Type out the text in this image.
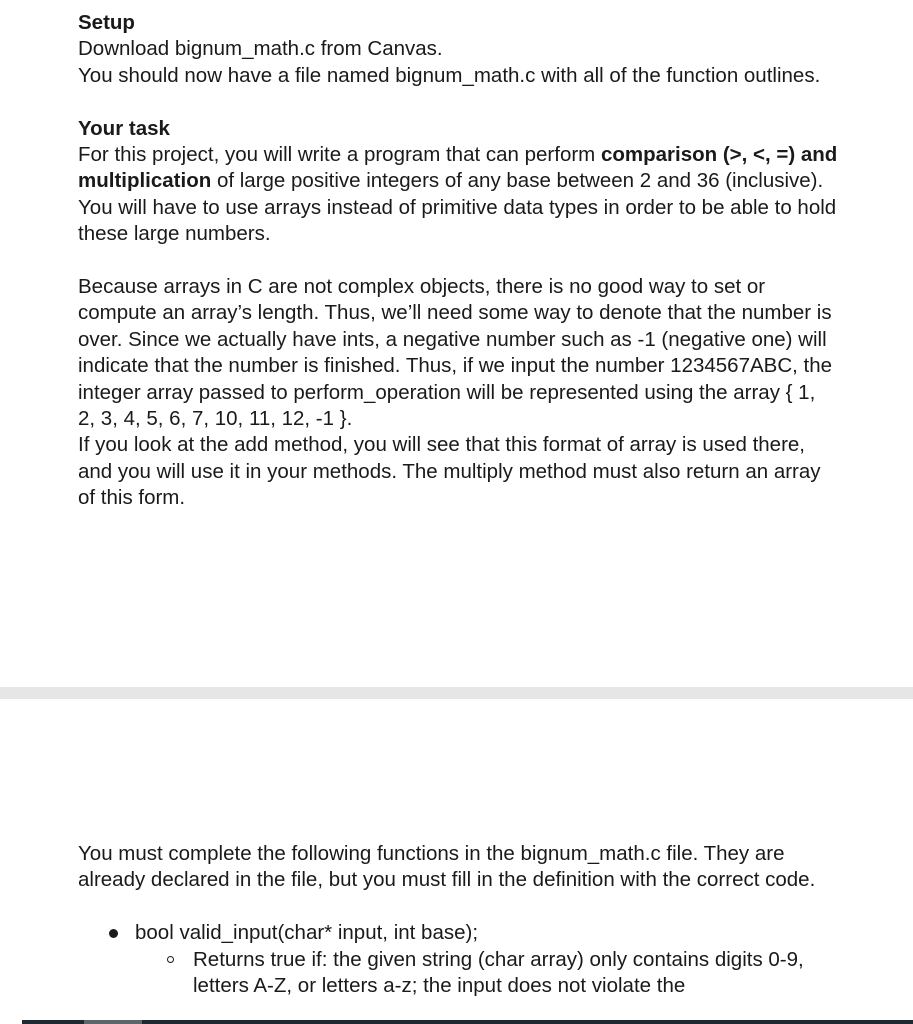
Setup

Download bignum_math.c from Canvas.

You should now have a file named bignum_math.c with all of the function outlines.

Your task

For this project, you will write a program that can perform comparison (>, <, =) and multiplication of large positive integers of any base between 2 and 36 (inclusive). You will have to use arrays instead of primitive data types in order to be able to hold these large numbers.

Because arrays in C are not complex objects, there is no good way to set or compute an array’s length. Thus, we’ll need some way to denote that the number is over. Since we actually have ints, a negative number such as -1 (negative one) will indicate that the number is finished. Thus, if we input the number 1234567ABC, the integer array passed to perform_operation will be represented using the array { 1, 2, 3, 4, 5, 6, 7, 10, 11, 12, -1 }.

If you look at the add method, you will see that this format of array is used there, and you will use it in your methods. The multiply method must also return an array of this form.

You must complete the following functions in the bignum_math.c file. They are already declared in the file, but you must fill in the definition with the correct code.

bool valid_input(char* input, int base);
Returns true if: the given string (char array) only contains digits 0-9, letters A-Z, or letters a-z; the input does not violate the
